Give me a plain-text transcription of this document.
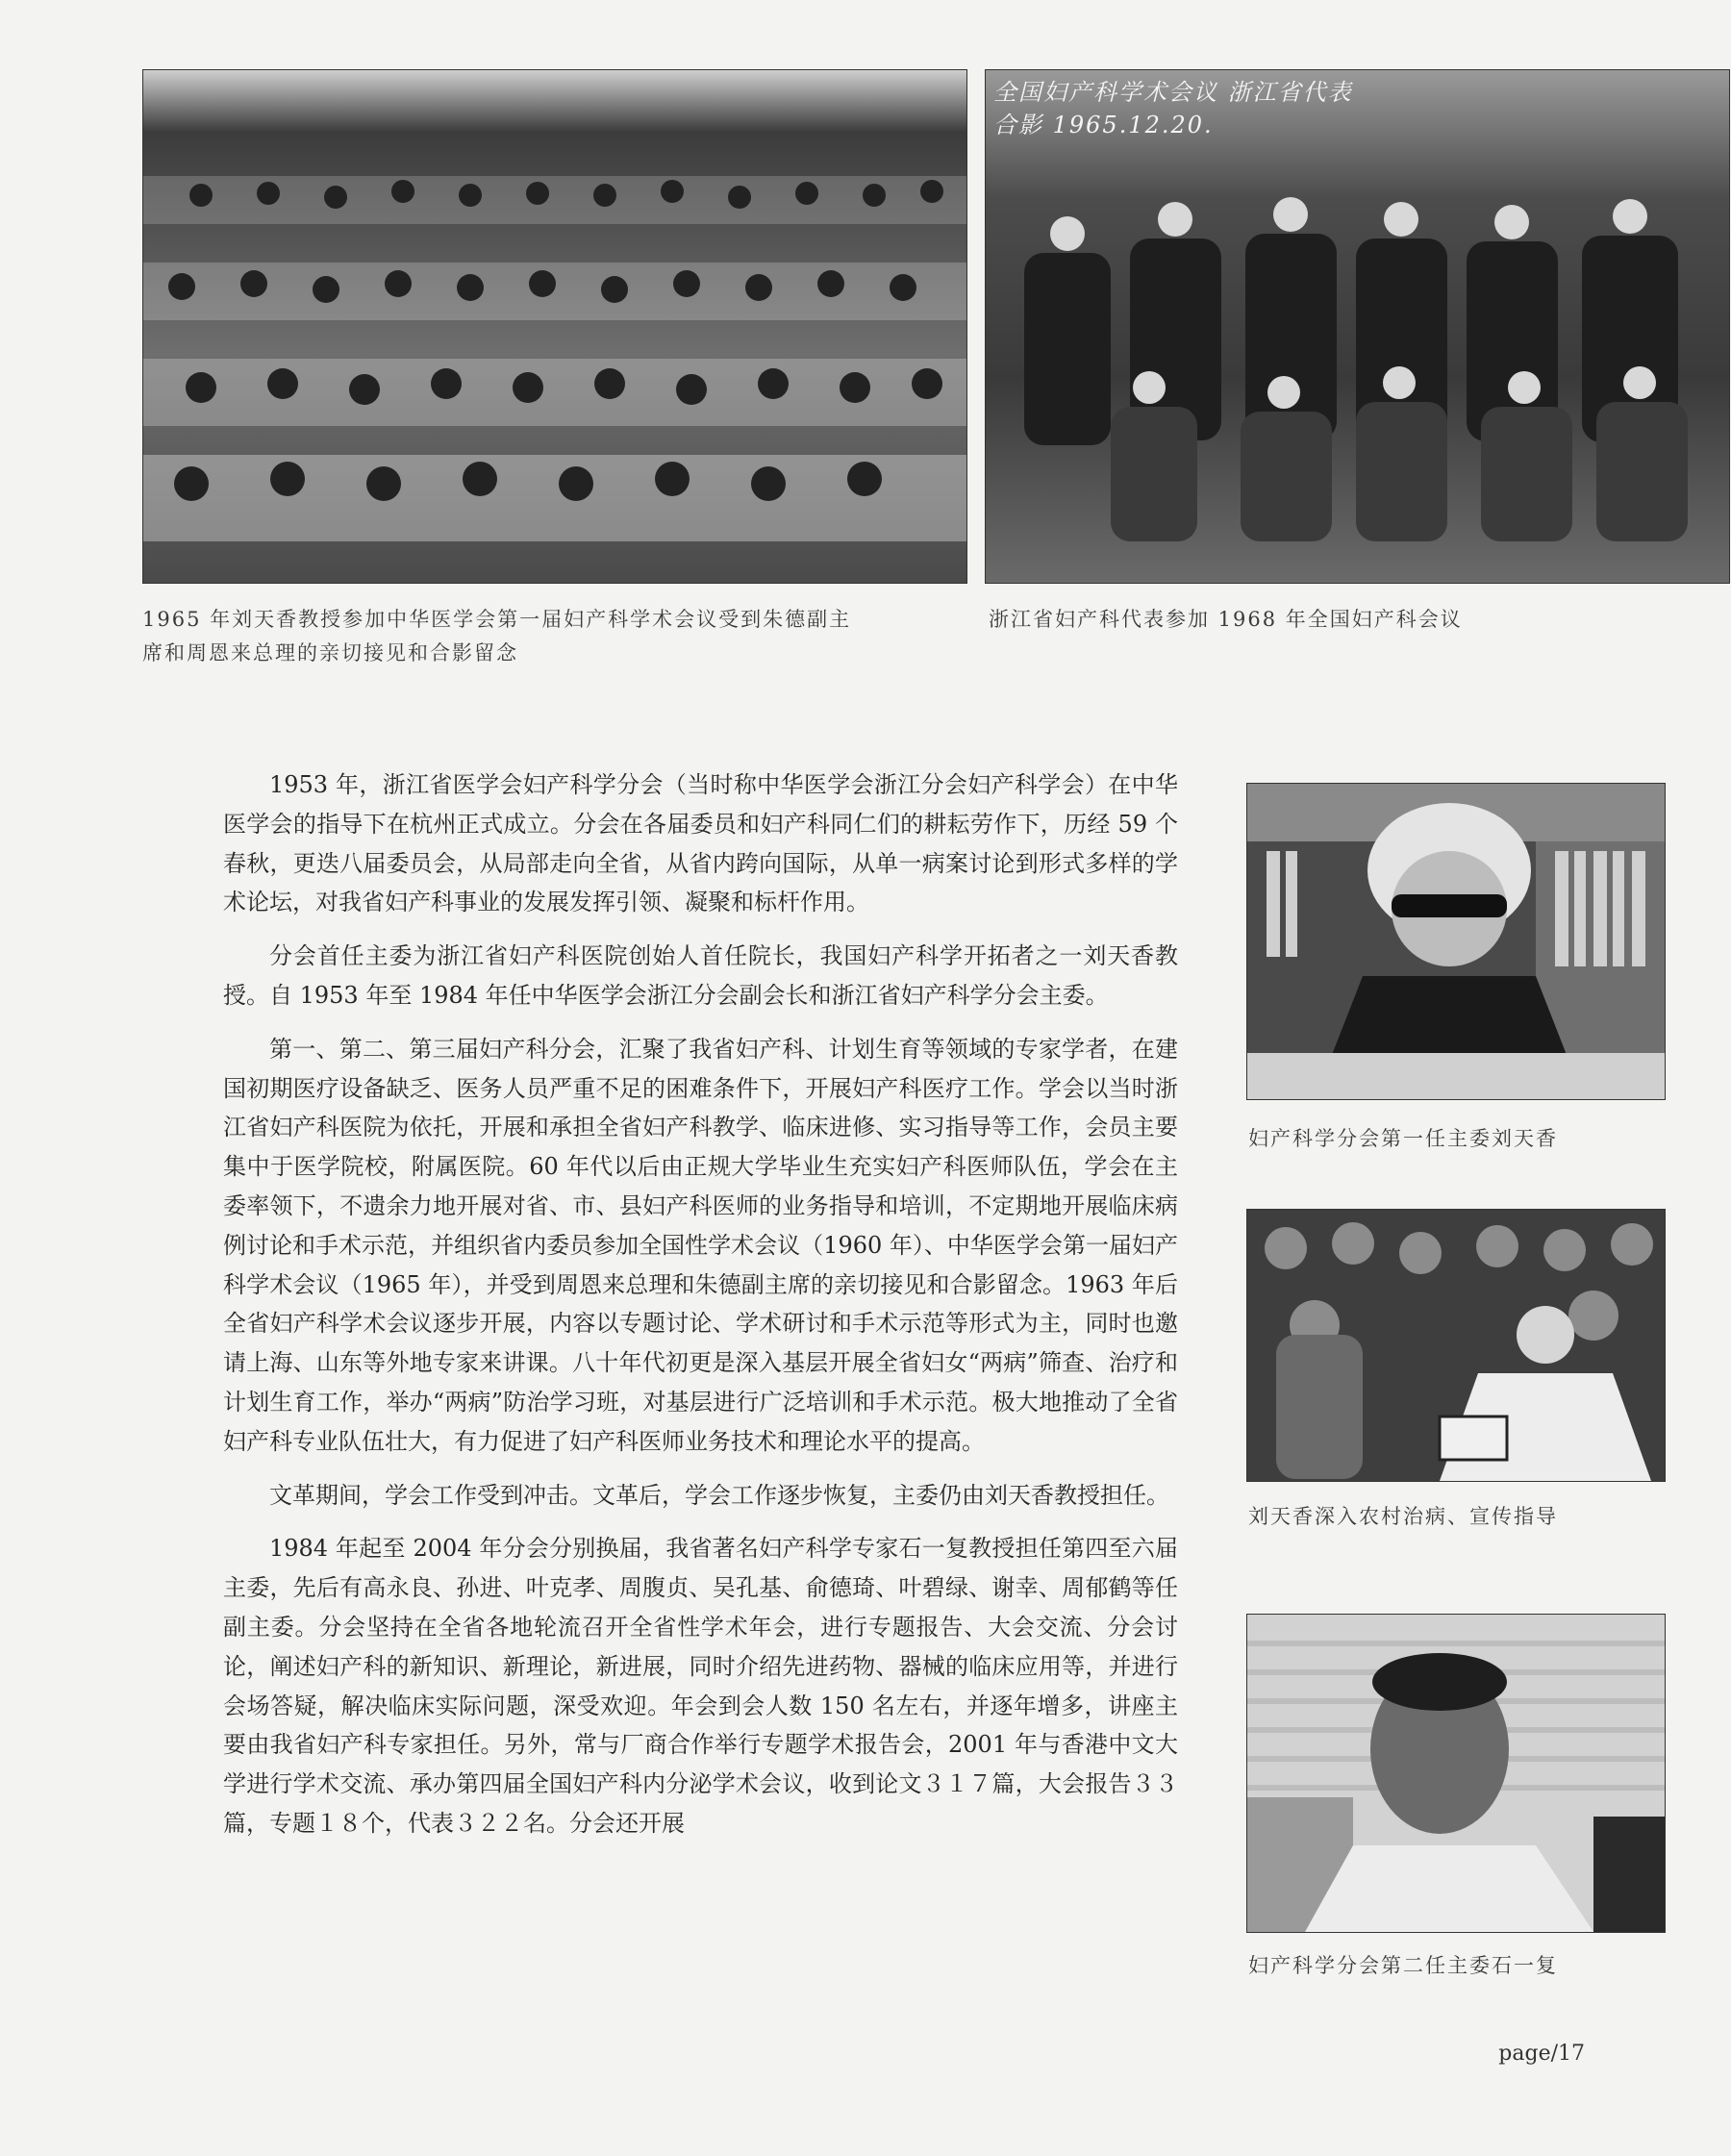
1965 年刘天香教授参加中华医学会第一届妇产科学术会议受到朱德副主席和周恩来总理的亲切接见和合影留念
全国妇产科学术会议 浙江省代表合影 1965.12.20.
浙江省妇产科代表参加 1968 年全国妇产科会议

1953 年，浙江省医学会妇产科学分会（当时称中华医学会浙江分会妇产科学会）在中华医学会的指导下在杭州正式成立。分会在各届委员和妇产科同仁们的耕耘劳作下，历经 59 个春秋，更迭八届委员会，从局部走向全省，从省内跨向国际，从单一病案讨论到形式多样的学术论坛，对我省妇产科事业的发展发挥引领、凝聚和标杆作用。

分会首任主委为浙江省妇产科医院创始人首任院长，我国妇产科学开拓者之一刘天香教授。自 1953 年至 1984 年任中华医学会浙江分会副会长和浙江省妇产科学分会主委。

第一、第二、第三届妇产科分会，汇聚了我省妇产科、计划生育等领域的专家学者，在建国初期医疗设备缺乏、医务人员严重不足的困难条件下，开展妇产科医疗工作。学会以当时浙江省妇产科医院为依托，开展和承担全省妇产科教学、临床进修、实习指导等工作，会员主要集中于医学院校，附属医院。60 年代以后由正规大学毕业生充实妇产科医师队伍，学会在主委率领下，不遗余力地开展对省、市、县妇产科医师的业务指导和培训，不定期地开展临床病例讨论和手术示范，并组织省内委员参加全国性学术会议（1960 年）、中华医学会第一届妇产科学术会议（1965 年），并受到周恩来总理和朱德副主席的亲切接见和合影留念。1963 年后全省妇产科学术会议逐步开展，内容以专题讨论、学术研讨和手术示范等形式为主，同时也邀请上海、山东等外地专家来讲课。八十年代初更是深入基层开展全省妇女“两病”筛查、治疗和计划生育工作，举办“两病”防治学习班，对基层进行广泛培训和手术示范。极大地推动了全省妇产科专业队伍壮大，有力促进了妇产科医师业务技术和理论水平的提高。

文革期间，学会工作受到冲击。文革后，学会工作逐步恢复，主委仍由刘天香教授担任。

1984 年起至 2004 年分会分别换届，我省著名妇产科学专家石一复教授担任第四至六届主委，先后有高永良、孙进、叶克孝、周腹贞、吴孔基、俞德琦、叶碧绿、谢幸、周郁鹤等任副主委。分会坚持在全省各地轮流召开全省性学术年会，进行专题报告、大会交流、分会讨论，阐述妇产科的新知识、新理论，新进展，同时介绍先进药物、器械的临床应用等，并进行会场答疑，解决临床实际问题，深受欢迎。年会到会人数 150 名左右，并逐年增多，讲座主要由我省妇产科专家担任。另外，常与厂商合作举行专题学术报告会，2001 年与香港中文大学进行学术交流、承办第四届全国妇产科内分泌学术会议，收到论文３１７篇，大会报告３３篇，专题１８个，代表３２２名。分会还开展

妇产科学分会第一任主委刘天香
刘天香深入农村治病、宣传指导
妇产科学分会第二任主委石一复
page/17
